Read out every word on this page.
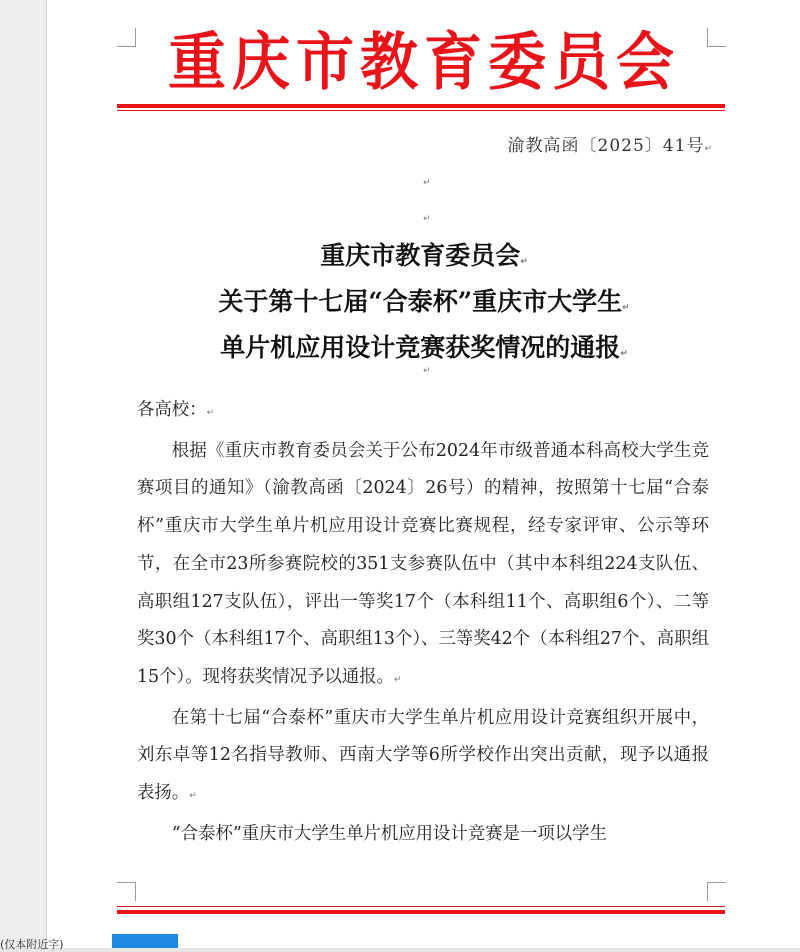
重庆市教育委员会
渝教高函〔2025〕41号↵
↵
↵
重庆市教育委员会↵
关于第十七届“合泰杯”重庆市大学生↵
单片机应用设计竞赛获奖情况的通报↵
↵

各高校：↵

根据《重庆市教育委员会关于公布2024年市级普通本科高校大学生竞赛项目的通知》（渝教高函〔2024〕26号）的精神，按照第十七届“合泰杯”重庆市大学生单片机应用设计竞赛比赛规程，经专家评审、公示等环节，在全市23所参赛院校的351支参赛队伍中（其中本科组224支队伍、高职组127支队伍），评出一等奖17个（本科组11个、高职组6个）、二等奖30个（本科组17个、高职组13个）、三等奖42个（本科组27个、高职组15个）。现将获奖情况予以通报。↵

在第十七届“合泰杯”重庆市大学生单片机应用设计竞赛组织开展中，刘东卓等12名指导教师、西南大学等6所学校作出突出贡献，现予以通报表扬。↵

“合泰杯”重庆市大学生单片机应用设计竞赛是一项以学生

(仅本附近字)
